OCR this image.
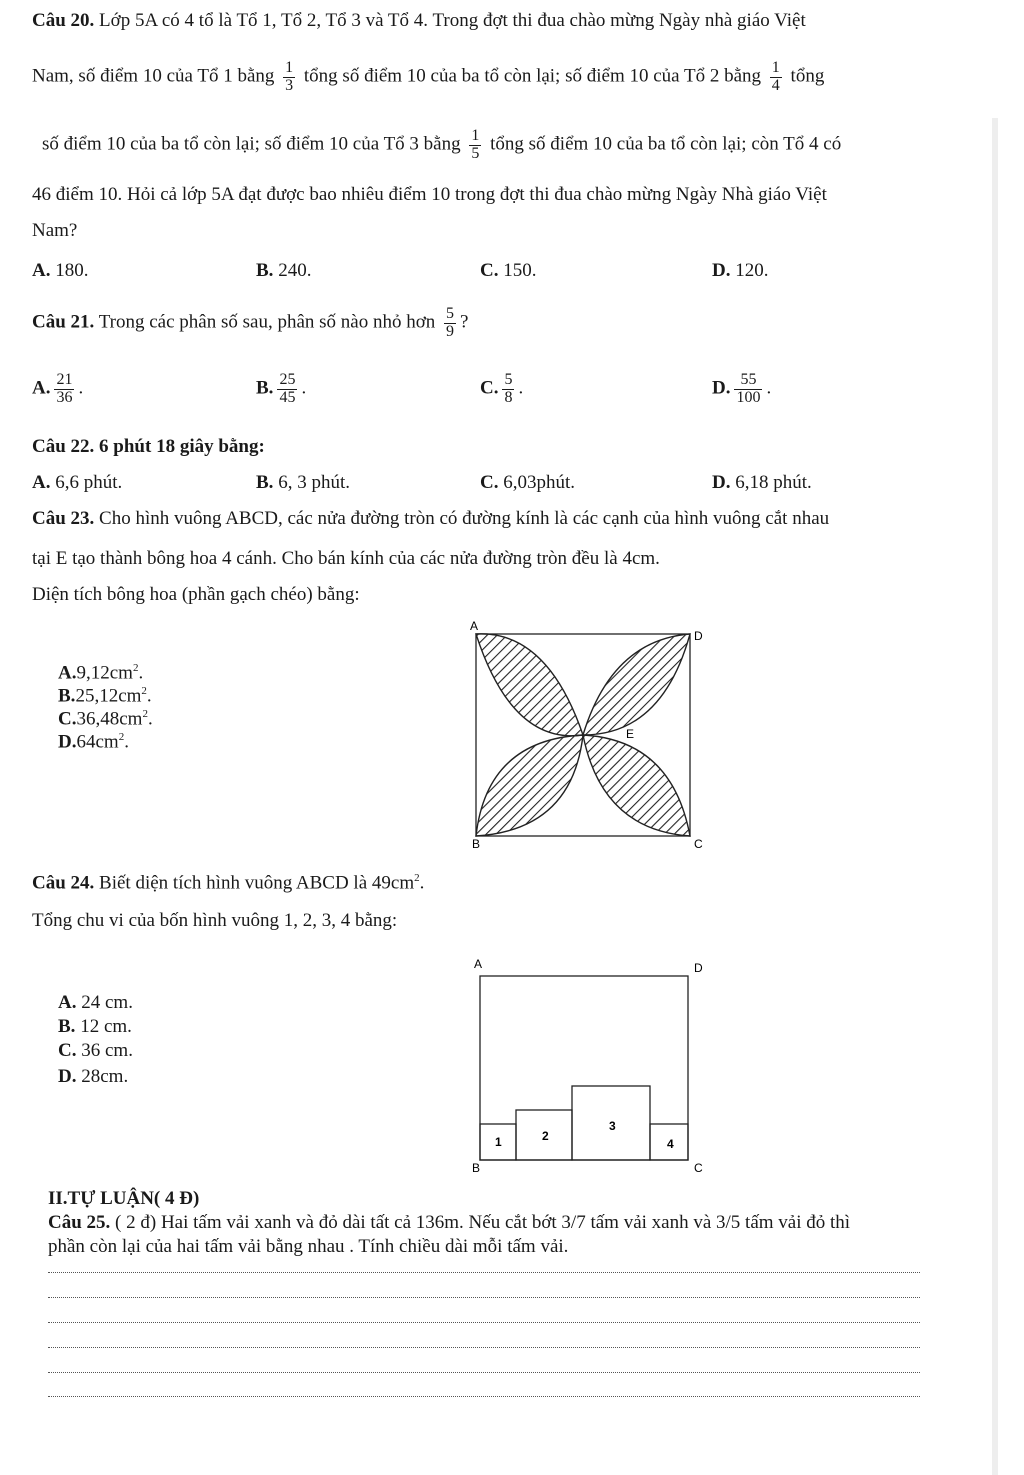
Câu 20. Lớp 5A có 4 tổ là Tổ 1, Tổ 2, Tổ 3 và Tổ 4. Trong đợt thi đua chào mừng Ngày nhà giáo Việt
Nam, số điểm 10 của Tổ 1 bằng $\frac{1}{3}$ tổng số điểm 10 của ba tổ còn lại; số điểm 10 của Tổ 2 bằng $\frac{1}{4}$ tổng
số điểm 10 của ba tổ còn lại; số điểm 10 của Tổ 3 bằng $\frac{1}{5}$ tổng số điểm 10 của ba tổ còn lại; còn Tổ 4 có
46 điểm 10. Hỏi cả lớp 5A đạt được bao nhiêu điểm 10 trong đợt thi đua chào mừng Ngày Nhà giáo Việt
Nam?
A. 180.	B. 240.	C. 150.	D. 120.
Câu 21. Trong các phân số sau, phân số nào nhỏ hơn $\frac{5}{9}$ ?
A. $\frac{21}{36}$ .	B. $\frac{25}{45}$ .	C. $\frac{5}{8}$ .	D. $\frac{55}{100}$ .
Câu 22. 6 phút 18 giây bằng:
A. 6,6 phút.	B. 6, 3 phút.	C. 6,03phút.	D. 6,18 phút.
Câu 23. Cho hình vuông ABCD, các nửa đường tròn có đường kính là các cạnh của hình vuông cắt nhau
tại E tạo thành bông hoa 4 cánh. Cho bán kính của các nửa đường tròn đều là 4cm.
Diện tích bông hoa (phần gạch chéo) bằng:
$A.9,12cm^2$.
$B.25,12cm^2$.
$C.36,48cm^2$.
$D.64cm^2$.
A
D
B	C
E
Câu 24. Biết diện tích hình vuông ABCD là $49cm^2$.
Tổng chu vi của bốn hình vuông 1, 2, 3, 4 bằng:
A. 24 cm.
B. 12 cm.
C. 36 cm.
D. 28cm.
A	D
B	C
1	2
3
4
II.TỰ LUẬN( 4 Đ)
Câu 25. ( 2 đ) Hai tấm vải xanh và đỏ dài tất cả 136m. Nếu cắt bớt 3/7 tấm vải xanh và 3/5 tấm vải đỏ thì
phần còn lại của hai tấm vải bằng nhau . Tính chiều dài mỗi tấm vải.
